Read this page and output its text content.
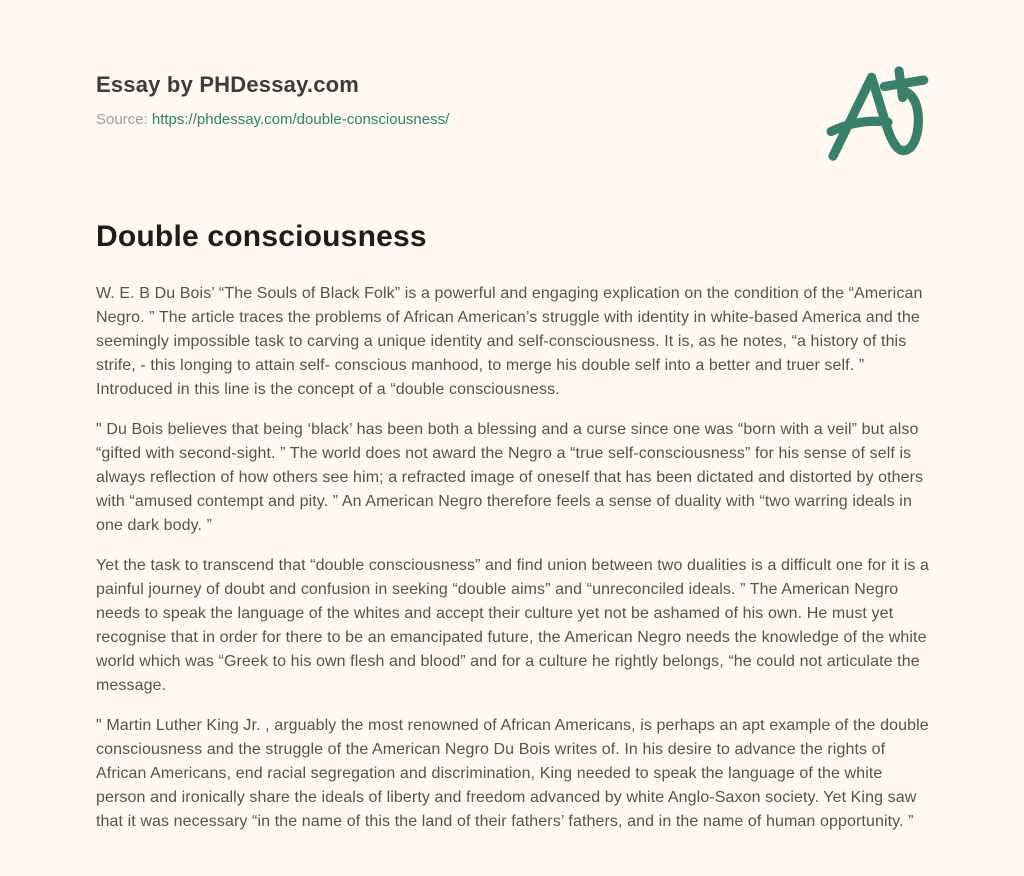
Essay by PHDessay.com
Source: https://phdessay.com/double-consciousness/
Double consciousness

W. E. B Du Bois’ “The Souls of Black Folk” is a powerful and engaging explication on the condition of the “American Negro. ” The article traces the problems of African American’s struggle with identity in white-based America and the seemingly impossible task to carving a unique identity and self-consciousness. It is, as he notes, “a history of this strife, - this longing to attain self- conscious manhood, to merge his double self into a better and truer self. ” Introduced in this line is the concept of a “double consciousness.

" Du Bois believes that being ‘black’ has been both a blessing and a curse since one was “born with a veil” but also “gifted with second-sight. ” The world does not award the Negro a “true self-consciousness” for his sense of self is always reflection of how others see him; a refracted image of oneself that has been dictated and distorted by others with “amused contempt and pity. ” An American Negro therefore feels a sense of duality with “two warring ideals in one dark body. ”

Yet the task to transcend that “double consciousness” and find union between two dualities is a difficult one for it is a painful journey of doubt and confusion in seeking “double aims” and “unreconciled ideals. ” The American Negro needs to speak the language of the whites and accept their culture yet not be ashamed of his own. He must yet recognise that in order for there to be an emancipated future, the American Negro needs the knowledge of the white world which was “Greek to his own flesh and blood” and for a culture he rightly belongs, “he could not articulate the message.

" Martin Luther King Jr. , arguably the most renowned of African Americans, is perhaps an apt example of the double consciousness and the struggle of the American Negro Du Bois writes of. In his desire to advance the rights of African Americans, end racial segregation and discrimination, King needed to speak the language of the white person and ironically share the ideals of liberty and freedom advanced by white Anglo-Saxon society. Yet King saw that it was necessary “in the name of this the land of their fathers’ fathers, and in the name of human opportunity. ”
